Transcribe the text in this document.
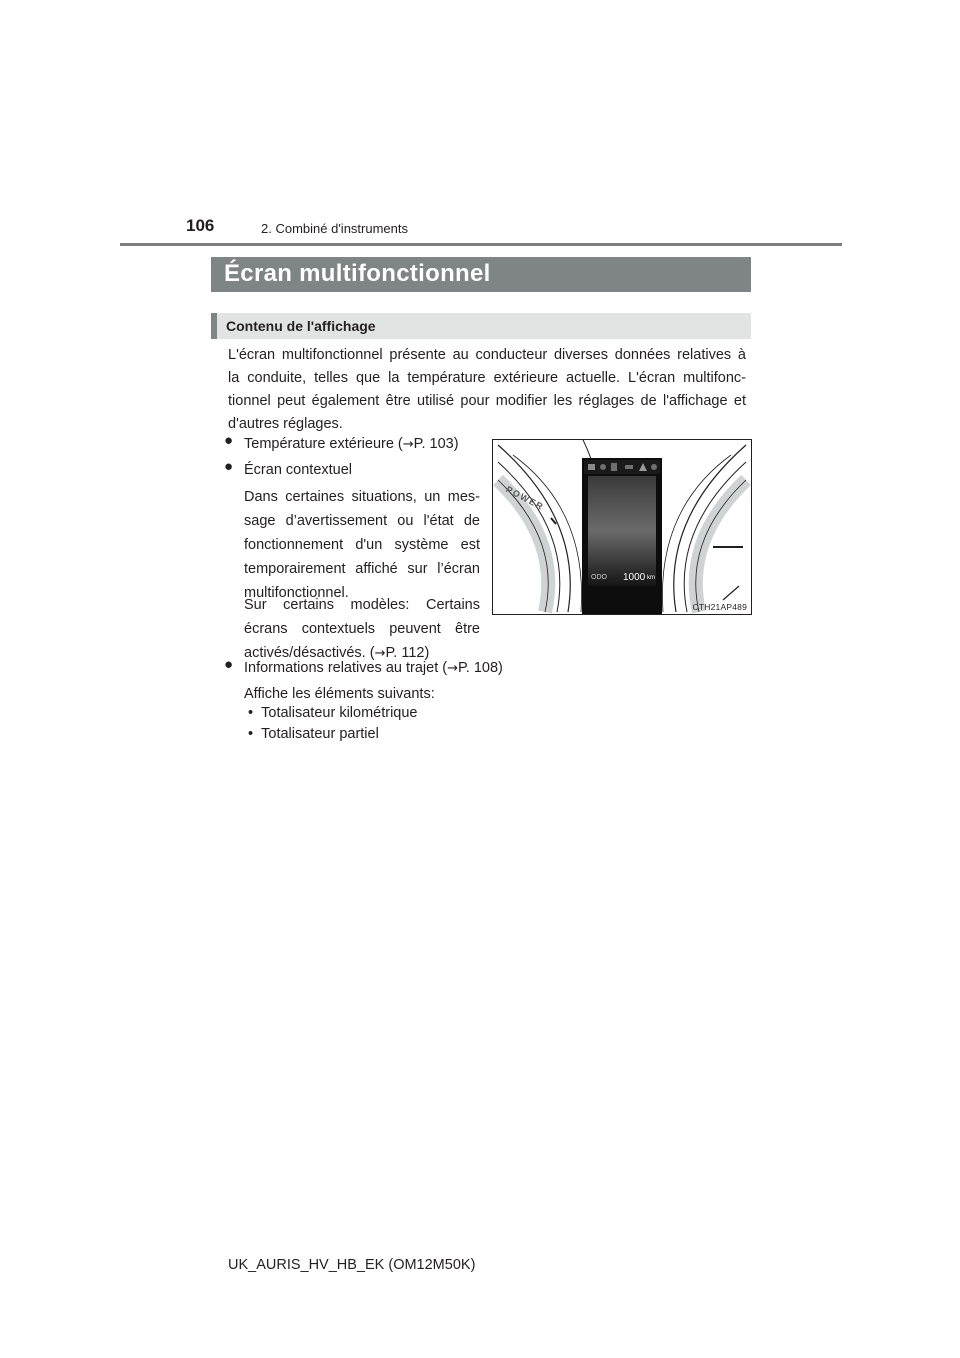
106	2. Combiné d'instruments
Écran multifonctionnel
Contenu de l'affichage
L'écran multifonctionnel présente au conducteur diverses données relatives à
la conduite, telles que la température extérieure actuelle. L'écran multifonc-
tionnel peut également être utilisé pour modifier les réglages de l'affichage et
d'autres réglages.
● Température extérieure (→P. 103)
● Écran contextuel
Dans certaines situations, un mes-
sage d’avertissement ou l'état de
fonctionnement d'un système est
temporairement affiché sur l’écran
multifonctionnel.
Sur certains modèles: Certains
écrans contextuels peuvent être
activés/désactivés. (→P. 112)
● Informations relatives au trajet (→P. 108)
Affiche les éléments suivants:
•  Totalisateur kilométrique
•  Totalisateur partiel
POWER
ODO 1000 km
CTH21AP489
UK_AURIS_HV_HB_EK (OM12M50K)
